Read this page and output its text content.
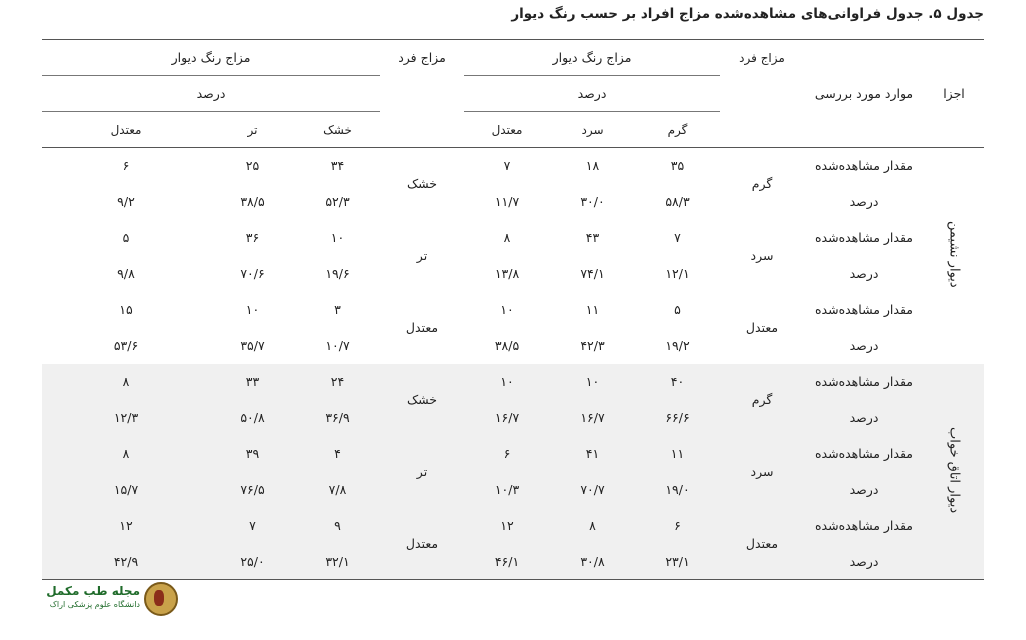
جدول ۵. جدول فراوانی‌های مشاهده‌شده مزاج افراد بر حسب رنگ دیوار
اجزا	موارد مورد بررسی	مزاج فرد	مزاج رنگ دیوار			مزاج فرد	مزاج رنگ دیوار		
			درصد				درصد		
			گرم	سرد	معتدل		خشک	تر	معتدل
دیوار نشیمن	مقدار مشاهده‌شده	گرم	۳۵	۱۸	۷	خشک	۳۴	۲۵	۶
	درصد		۵۸/۳	۳۰/۰	۱۱/۷		۵۲/۳	۳۸/۵	۹/۲
	مقدار مشاهده‌شده	سرد	۷	۴۳	۸	تر	۱۰	۳۶	۵
	درصد		۱۲/۱	۷۴/۱	۱۳/۸		۱۹/۶	۷۰/۶	۹/۸
	مقدار مشاهده‌شده	معتدل	۵	۱۱	۱۰	معتدل	۳	۱۰	۱۵
	درصد		۱۹/۲	۴۲/۳	۳۸/۵		۱۰/۷	۳۵/۷	۵۳/۶
دیوار اتاق خواب	مقدار مشاهده‌شده	گرم	۴۰	۱۰	۱۰	خشک	۲۴	۳۳	۸
	درصد		۶۶/۶	۱۶/۷	۱۶/۷		۳۶/۹	۵۰/۸	۱۲/۳
	مقدار مشاهده‌شده	سرد	۱۱	۴۱	۶	تر	۴	۳۹	۸
	درصد		۱۹/۰	۷۰/۷	۱۰/۳		۷/۸	۷۶/۵	۱۵/۷
	مقدار مشاهده‌شده	معتدل	۶	۸	۱۲	معتدل	۹	۷	۱۲
	درصد		۲۳/۱	۳۰/۸	۴۶/۱		۳۲/۱	۲۵/۰	۴۲/۹
مجله طب مکمل
دانشگاه علوم پزشکی اراک
